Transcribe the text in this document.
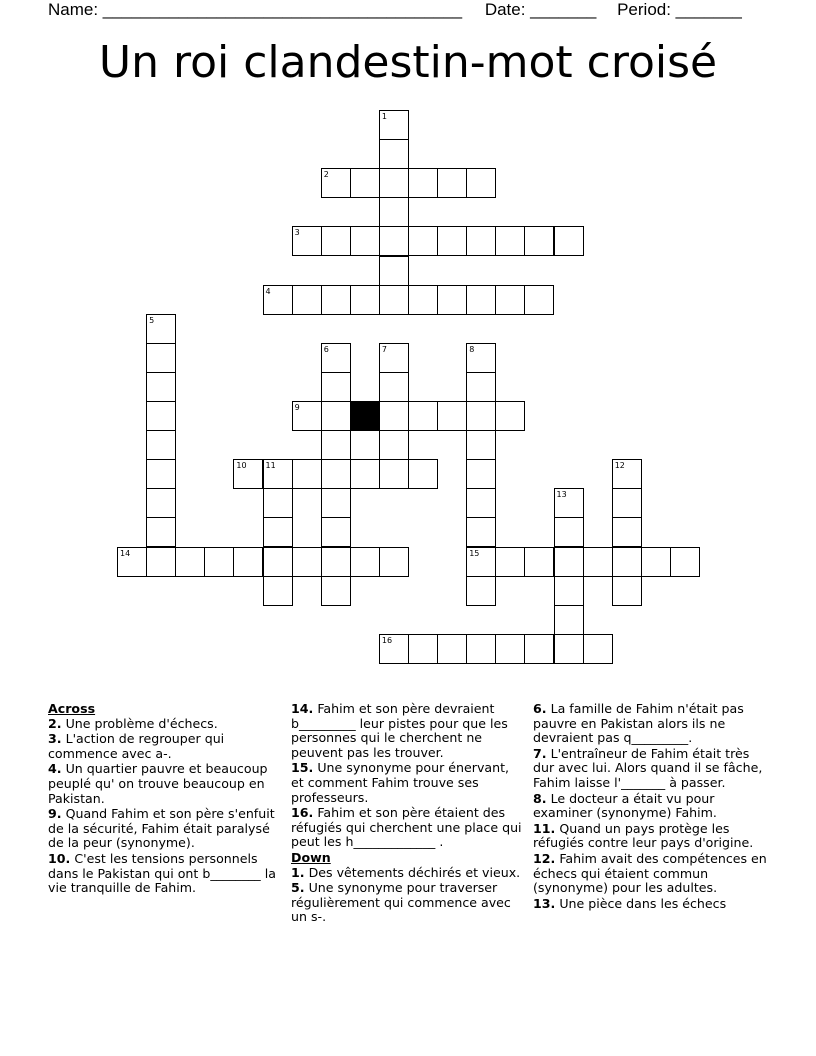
Name: ______________________________________ Date: _______ Period: _______
Un roi clandestin-mot croisé
1
2
3
4
5
6	7	8
9
10 11	12
13
14	15
16
Across
2. Une problème d'échecs.
3. L'action de regrouper qui commence avec a-.
4. Un quartier pauvre et beaucoup peuplé qu' on trouve beaucoup en Pakistan.
9. Quand Fahim et son père s'enfuit de la sécurité, Fahim était paralysé de la peur (synonyme).
10. C'est les tensions personnels dans le Pakistan qui ont b________ la vie tranquille de Fahim.
14. Fahim et son père devraient b_________ leur pistes pour que les personnes qui le cherchent ne peuvent pas les trouver.
15. Une synonyme pour énervant, et comment Fahim trouve ses professeurs.
16. Fahim et son père étaient des réfugiés qui cherchent une place qui peut les h_____________ .
Down
1. Des vêtements déchirés et vieux.
5. Une synonyme pour traverser régulièrement qui commence avec un s-.
6. La famille de Fahim n'était pas pauvre en Pakistan alors ils ne devraient pas q_________.
7. L'entraîneur de Fahim était très dur avec lui. Alors quand il se fâche, Fahim laisse l'_______ à passer.
8. Le docteur a était vu pour examiner (synonyme) Fahim.
11. Quand un pays protège les réfugiés contre leur pays d'origine.
12. Fahim avait des compétences en échecs qui étaient commun (synonyme) pour les adultes.
13. Une pièce dans les échecs
